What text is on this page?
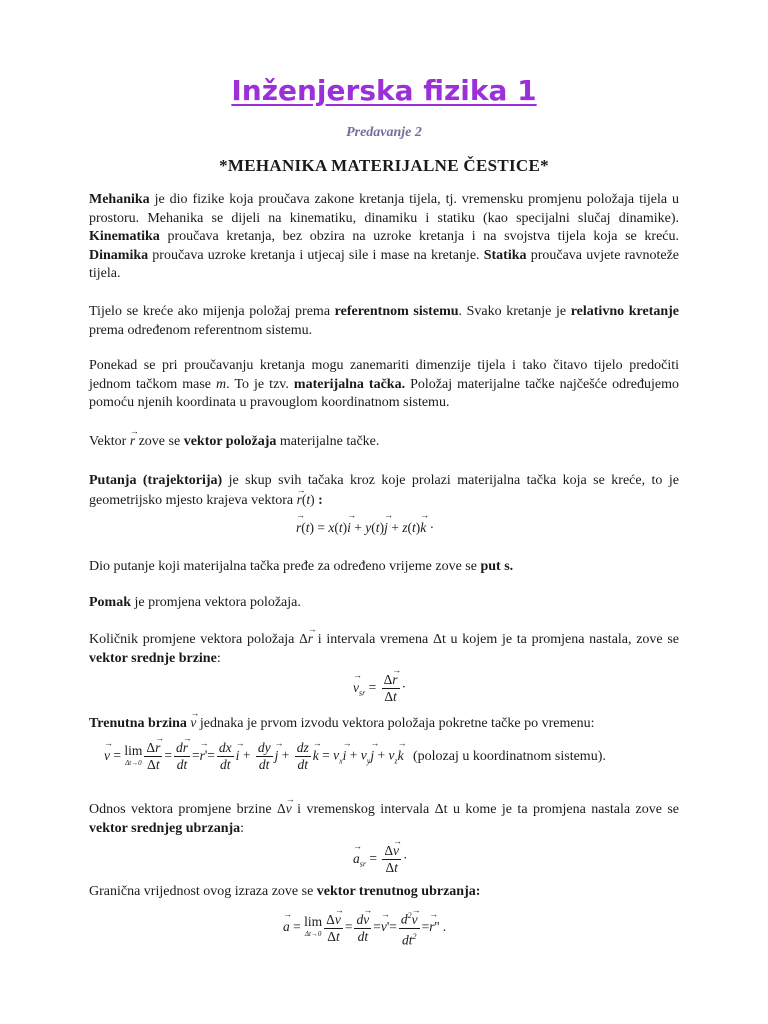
Inženjerska fizika 1
Predavanje 2
*MEHANIKA MATERIJALNE ČESTICE*

Mehanika je dio fizike koja proučava zakone kretanja tijela, tj. vremensku promjenu položaja tijela u prostoru. Mehanika se dijeli na kinematiku, dinamiku i statiku (kao specijalni slučaj dinamike). Kinematika proučava kretanja, bez obzira na uzroke kretanja i na svojstva tijela koja se kreću. Dinamika proučava uzroke kretanja i utjecaj sile i mase na kretanje. Statika proučava uvjete ravnoteže tijela.

Tijelo se kreće ako mijenja položaj prema referentnom sistemu. Svako kretanje je relativno kretanje prema određenom referentnom sistemu.

Ponekad se pri proučavanju kretanja mogu zanemariti dimenzije tijela i tako čitavo tijelo predočiti jednom tačkom mase m. To je tzv. materijalna tačka. Položaj materijalne tačke najčešće određujemo pomoću njenih koordinata u pravouglom koordinatnom sistemu.

Vektor → r zove se vektor položaja materijalne tačke.

Putanja (trajektorija) je skup svih tačaka kroz koje prolazi materijalna tačka koja se kreće, to je geometrijsko mjesto krajeva vektora → r(t) :

→ r(t) = x(t)→ i + y(t)→ j + z(t)→ k ·

Dio putanje koji materijalna tačka pređe za određeno vrijeme zove se put s.

Pomak je promjena vektora položaja.

Količnik promjene vektora položaja Δ→ r i intervala vremena Δt u kojem je ta promjena nastala, zove se vektor srednje brzine:

→ $v_{sr} = \frac{\Delta\to r}{\Delta t}$ ·

Trenutna brzina → v jednaka je prvom izvodu vektora položaja pokretne tačke po vremenu:

→ v = lim
$\Delta t\to 0 \frac{\Delta\to r}{\Delta t} = \frac{d\to r}{dt} =\to r'= \frac{dx}{dt} \to i + \frac{dy}{dt} \to j + \frac{dz}{dt} \to k = v_x\to i + v_y\to j + v_z\to k$ (polozaj u koordinatnom sistemu).

Odnos vektora promjene brzine Δ→ v i vremenskog intervala Δt u kome je ta promjena nastala zove se vektor srednjeg ubrzanja:

→ $a_{sr} = \frac{\Delta\to v}{\Delta t}$ ·

Granična vrijednost ovog izraza zove se vektor trenutnog ubrzanja:

→ a = lim
$\Delta t\to 0 \frac{\Delta\to v}{\Delta t} = \frac{d\to v}{dt} =\to v'= \frac{d^2\to v}{dt^2} =\to r''$ .
